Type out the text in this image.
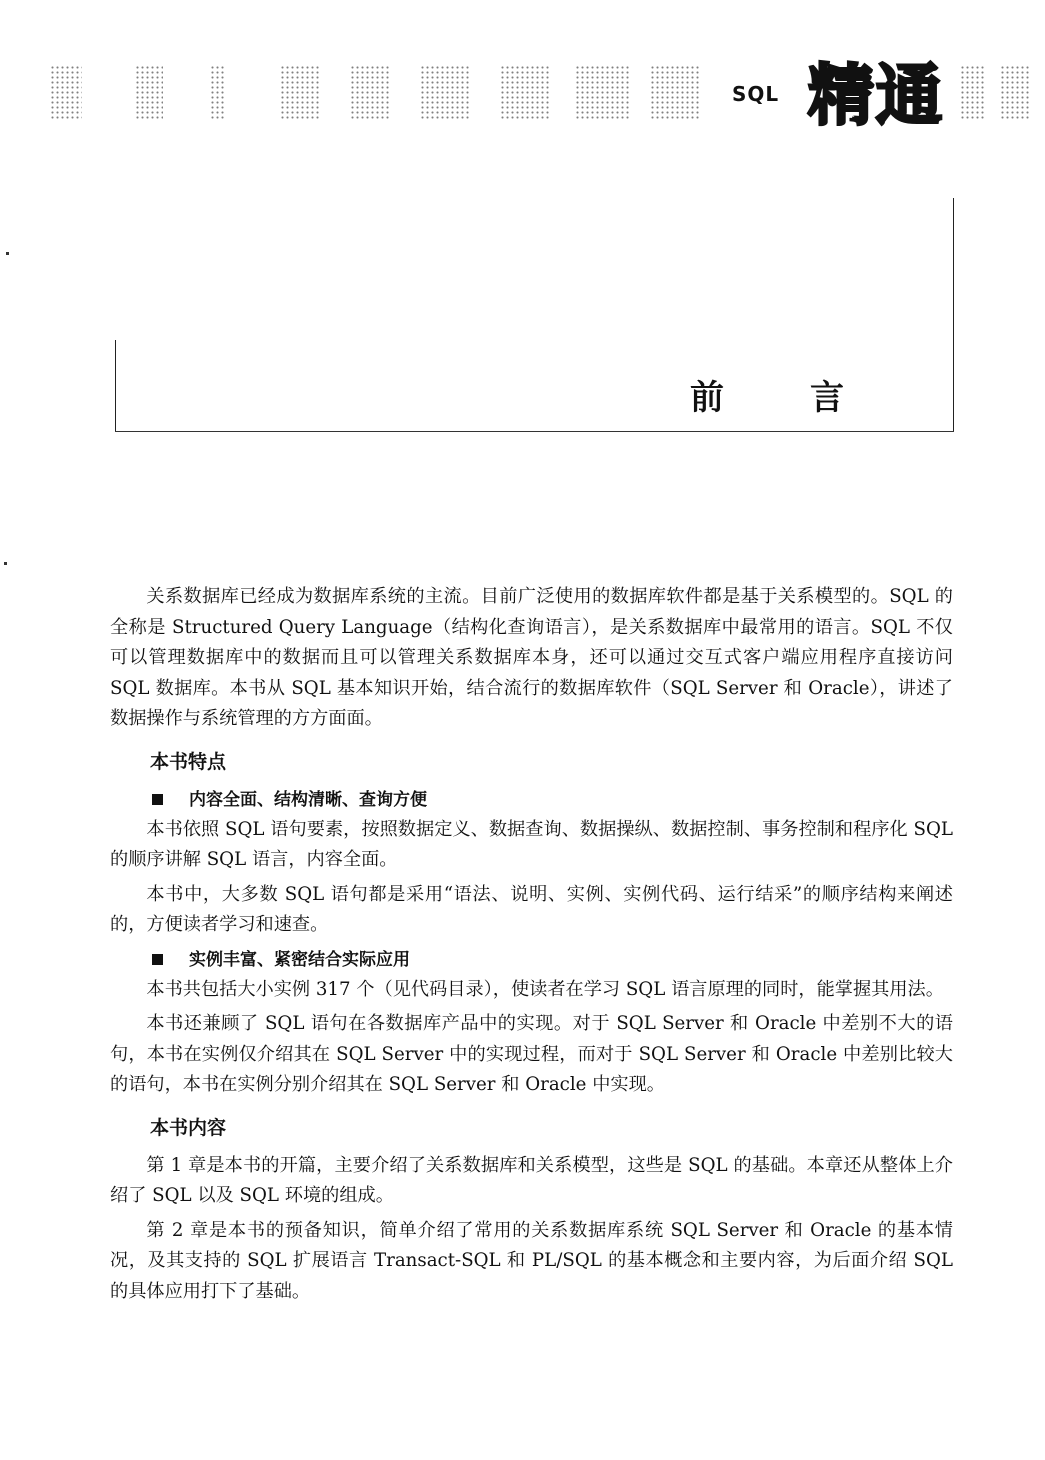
SQL 精通
前	言

关系数据库已经成为数据库系统的主流。目前广泛使用的数据库软件都是基于关系模型的。SQL 的全称是 Structured Query Language（结构化查询语言），是关系数据库中最常用的语言。SQL 不仅可以管理数据库中的数据而且可以管理关系数据库本身，还可以通过交互式客户端应用程序直接访问 SQL 数据库。本书从 SQL 基本知识开始，结合流行的数据库软件（SQL Server 和 Oracle），讲述了数据操作与系统管理的方方面面。

本书特点
内容全面、结构清晰、查询方便

本书依照 SQL 语句要素，按照数据定义、数据查询、数据操纵、数据控制、事务控制和程序化 SQL 的顺序讲解 SQL 语言，内容全面。

本书中，大多数 SQL 语句都是采用“语法、说明、实例、实例代码、运行结采”的顺序结构来阐述的，方便读者学习和速查。

实例丰富、紧密结合实际应用

本书共包括大小实例 317 个（见代码目录），使读者在学习 SQL 语言原理的同时，能掌握其用法。

本书还兼顾了 SQL 语句在各数据库产品中的实现。对于 SQL Server 和 Oracle 中差别不大的语句，本书在实例仅介绍其在 SQL Server 中的实现过程，而对于 SQL Server 和 Oracle 中差别比较大的语句，本书在实例分别介绍其在 SQL Server 和 Oracle 中实现。

本书内容

第 1 章是本书的开篇，主要介绍了关系数据库和关系模型，这些是 SQL 的基础。本章还从整体上介绍了 SQL 以及 SQL 环境的组成。

第 2 章是本书的预备知识，简单介绍了常用的关系数据库系统 SQL Server 和 Oracle 的基本情况，及其支持的 SQL 扩展语言 Transact-SQL 和 PL/SQL 的基本概念和主要内容，为后面介绍 SQL 的具体应用打下了基础。
